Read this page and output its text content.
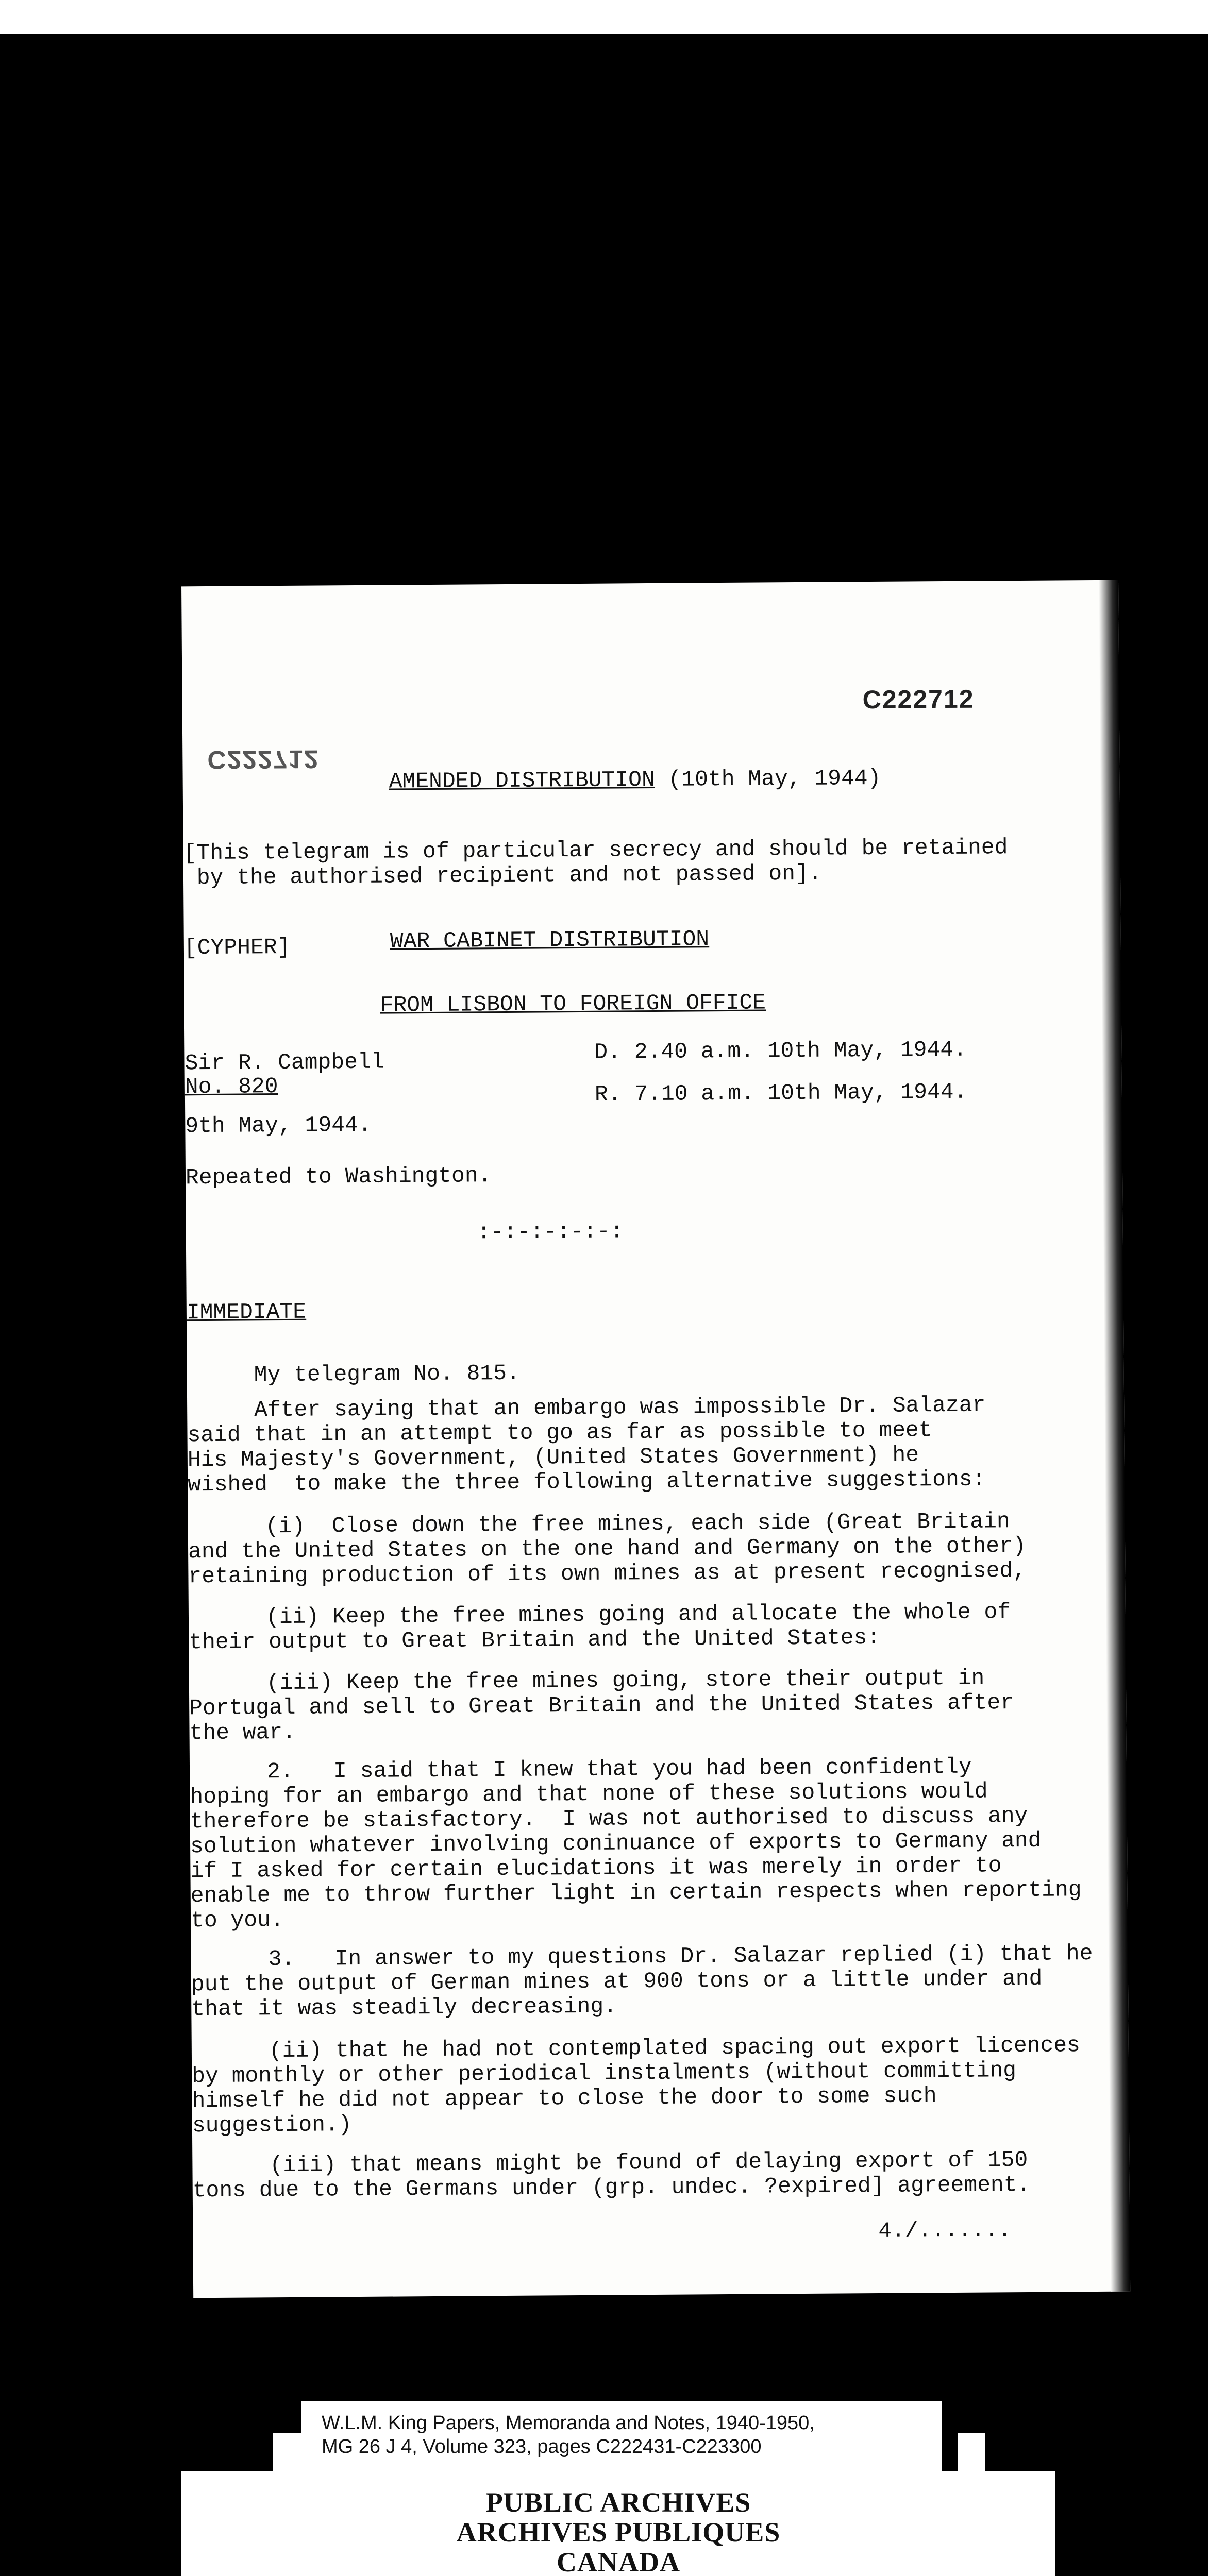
C222712
C222712
AMENDED DISTRIBUTION (10th May, 1944)
[This telegram is of particular secrecy and should be retained
by the authorised recipient and not passed on].
[CYPHER]	WAR CABINET DISTRIBUTION
FROM LISBON TO FOREIGN OFFICE
Sir R. Campbell
No. 820
9th May, 1944.
D. 2.40 a.m. 10th May, 1944.
R. 7.10 a.m. 10th May, 1944.
Repeated to Washington.
:-:-:-:-:-:
IMMEDIATE
My telegram No. 815.
After saying that an embargo was impossible Dr. Salazar
said that in an attempt to go as far as possible to meet
His Majesty's Government, (United States Government) he
wished  to make the three following alternative suggestions:
(i)  Close down the free mines, each side (Great Britain
and the United States on the one hand and Germany on the other)
retaining production of its own mines as at present recognised,
(ii) Keep the free mines going and allocate the whole of
their output to Great Britain and the United States:
(iii) Keep the free mines going, store their output in
Portugal and sell to Great Britain and the United States after
the war.
2.   I said that I knew that you had been confidently
hoping for an embargo and that none of these solutions would
therefore be staisfactory.  I was not authorised to discuss any
solution whatever involving coninuance of exports to Germany and
if I asked for certain elucidations it was merely in order to
enable me to throw further light in certain respects when reporting
to you.
3.   In answer to my questions Dr. Salazar replied (i) that he
put the output of German mines at 900 tons or a little under and
that it was steadily decreasing.
(ii) that he had not contemplated spacing out export licences
by monthly or other periodical instalments (without committing
himself he did not appear to close the door to some such
suggestion.)
(iii) that means might be found of delaying export of 150
tons due to the Germans under (grp. undec. ?expired] agreement.
4./.......
W.L.M. King Papers, Memoranda and Notes, 1940-1950,
MG 26 J 4, Volume 323, pages C222431-C223300
PUBLIC ARCHIVES
ARCHIVES PUBLIQUES
CANADA
